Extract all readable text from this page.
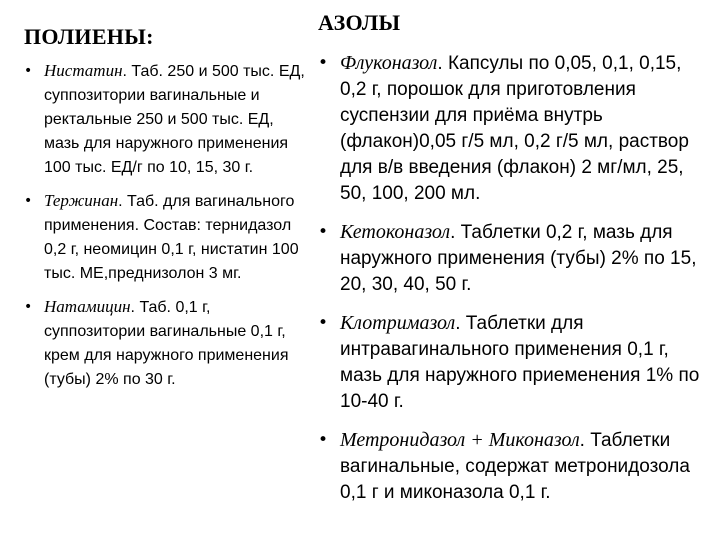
ПОЛИЕНЫ:
• Нистатин. Таб. 250 и 500 тыс. ЕД, суппозитории вагинальные и ректальные 250 и 500 тыс. ЕД, мазь для наружного применения 100 тыс. ЕД/г по 10, 15, 30 г.
• Тержинан. Таб. для вагинального применения. Состав: тернидазол 0,2 г, неомицин 0,1 г, нистатин 100 тыс. МЕ,преднизолон 3 мг.
• Натамицин. Таб. 0,1 г, суппозитории вагинальные 0,1 г, крем для наружного применения (тубы) 2% по 30 г.
АЗОЛЫ
• Флуконазол. Капсулы по 0,05, 0,1, 0,15, 0,2 г, порошок для приготовления суспензии для приёма внутрь (флакон)0,05 г/5 мл, 0,2 г/5 мл, раствор для в/в введения (флакон) 2 мг/мл, 25, 50, 100, 200 мл.
• Кетоконазол. Таблетки 0,2 г, мазь для наружного применения (тубы) 2% по 15, 20, 30, 40, 50 г.
• Клотримазол. Таблетки для интравагинального применения 0,1 г, мазь для наружного приеменения 1% по 10-40 г.
• Метронидазол + Миконазол. Таблетки вагинальные, содержат метронидозола 0,1 г и миконазола 0,1 г.
